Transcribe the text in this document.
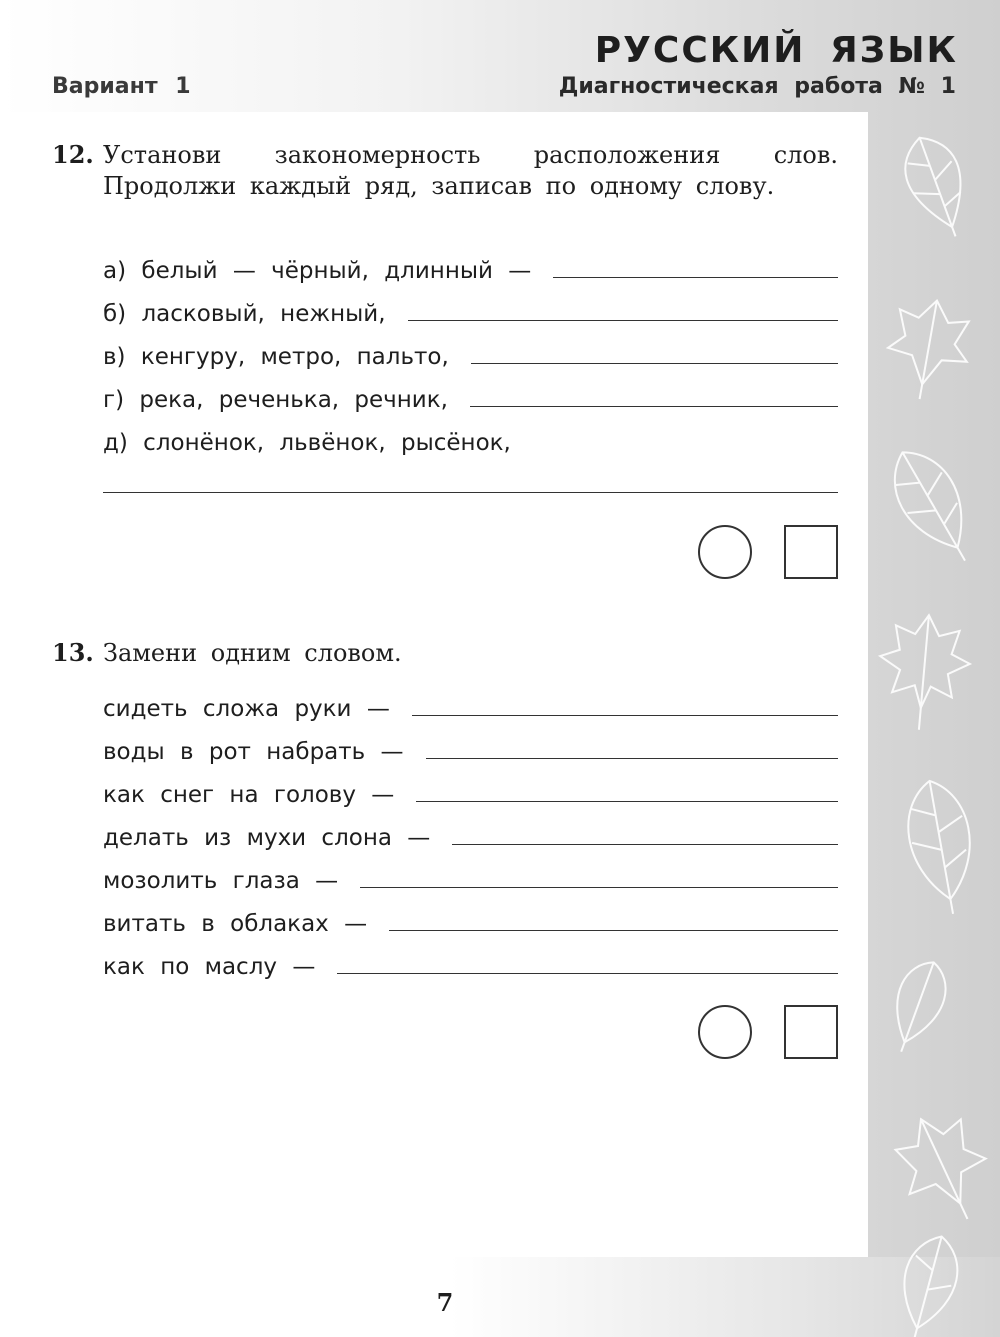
РУССКИЙ ЯЗЫК
Вариант 1	Диагностическая работа № 1
12. Установи закономерность расположения слов. Продолжи каждый ряд, записав по одному слову.
а) белый — чёрный, длинный —
б) ласковый, нежный,
в) кенгуру, метро, пальто,
г) река, реченька, речник,
д) слонёнок, львёнок, рысёнок,
13. Замени одним словом.
сидеть сложа руки —
воды в рот набрать —
как снег на голову —
делать из мухи слона —
мозолить глаза —
витать в облаках —
как по маслу —
7
